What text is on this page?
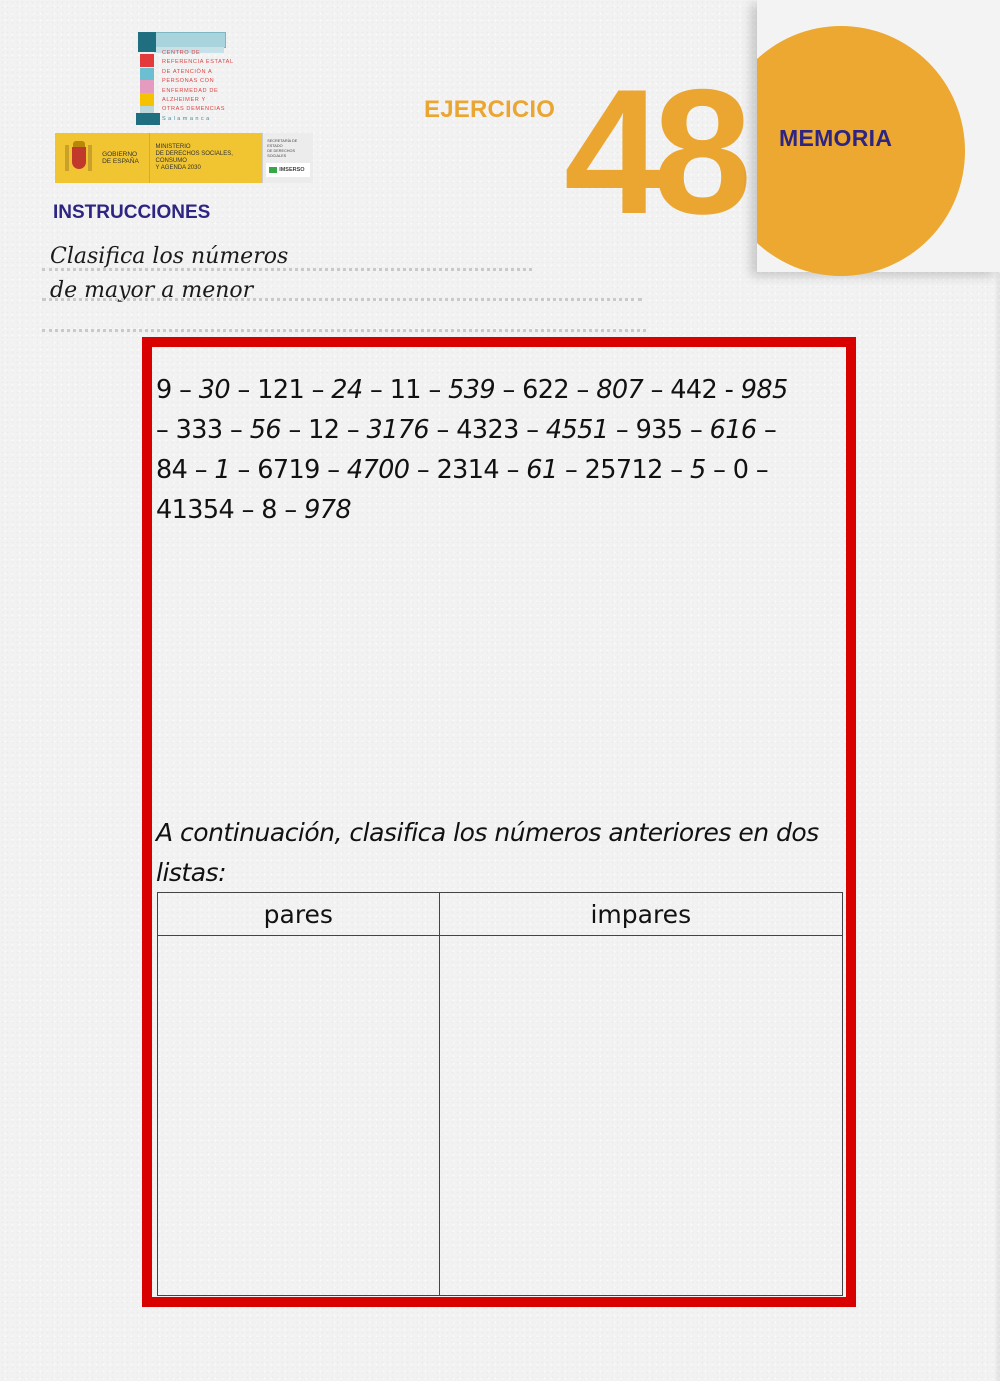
CENTRO DE
REFERENCIA ESTATAL
DE ATENCIÓN A
PERSONAS CON
ENFERMEDAD DE
ALZHEIMER Y
OTRAS DEMENCIAS
Salamanca
GOBIERNO DE ESPAÑA
MINISTERIO
DE DERECHOS SOCIALES, CONSUMO
Y AGENDA 2030
SECRETARÍA DE ESTADO
DE DERECHOS SOCIALES
IMSERSO
EJERCICIO 48 MEMORIA
INSTRUCCIONES
Clasifica los números
de mayor a menor
9 – 30 – 121 – 24 – 11 – 539 – 622 – 807 – 442 - 985
– 333 – 56 – 12 – 3176 – 4323 – 4551 – 935 – 616 –
84 – 1 – 6719 – 4700 – 2314 – 61 – 25712 – 5 – 0 –
41354 – 8 – 978
A continuación, clasifica los números anteriores en dos listas:
pares	impares
